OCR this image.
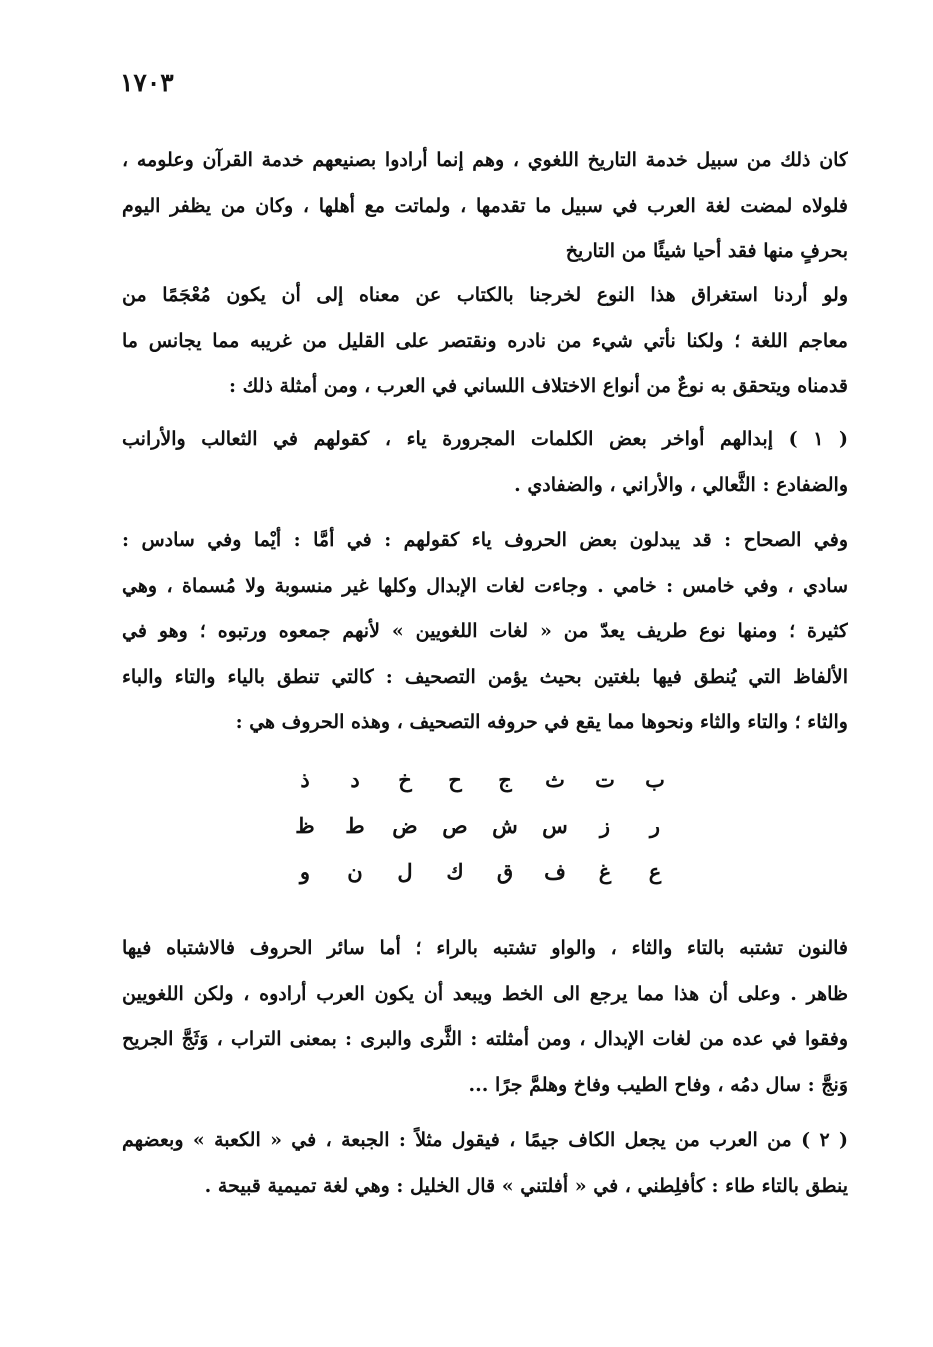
١٧٠٣
كان ذلك من سبيل خدمة التاريخ اللغوي ، وهم إنما أرادوا بصنيعهم خدمة القرآن وعلومه ،
فلولاه لمضت لغة العرب في سبيل ما تقدمها ، ولماتت مع أهلها ، وكان من يظفر اليوم
بحرفٍ منها فقد أحيا شيئًا من التاريخ
ولو أردنا استغراق هذا النوع لخرجنا بالكتاب عن معناه إلى أن يكون مُعْجَمًا من
معاجم اللغة ؛ ولكنا نأتي شيء من نادره ونقتصر على القليل من غريبه مما يجانس ما
قدمناه ويتحقق به نوعٌ من أنواع الاختلاف اللساني في العرب ، ومن أمثلة ذلك :
( ١ ) إبدالهم أواخر بعض الكلمات المجرورة ياء ، كقولهم في الثعالب والأرانب
والضفادع : الثَّعالي ، والأراني ، والضفادي .
وفي الصحاح : قد يبدلون بعض الحروف ياء كقولهم : في أمَّا : أيْما وفي سادس :
سادي ، وفي خامس : خامي . وجاءت لغات الإبدال وكلها غير منسوبة ولا مُسماة ، وهي
كثيرة ؛ ومنها نوع طريف يعدّ من « لغات اللغويين » لأنهم جمعوه ورتبوه ؛ وهو في
الألفاظ التي يُنطق فيها بلغتين بحيث يؤمن التصحيف : كالتي تنطق بالياء والتاء والباء
والثاء ؛ والتاء والثاء ونحوها مما يقع في حروفه التصحيف ، وهذه الحروف هي :
ب
ت
ث
ج
ح
خ
د
ذ
ر
ز
س
ش
ص
ض
ط
ظ
ع
غ
ف
ق
ك
ل
ن
و
فالنون تشتبه بالتاء والثاء ، والواو تشتبه بالراء ؛ أما سائر الحروف فالاشتباه فيها
ظاهر . وعلى أن هذا مما يرجع الى الخط ويبعد أن يكون العرب أرادوه ، ولكن اللغويين
وفقوا في عده من لغات الإبدال ، ومن أمثلته : الثَّرى والبرى : بمعنى التراب ، وَثَجَّ الجريح
وَنجَّ : سال دمُه ، وفاح الطيب وفاخ وهلمَّ جرًا ...
( ٢ ) من العرب من يجعل الكاف جيمًا ، فيقول مثلاً : الجبعة ، في « الكعبة » وبعضهم
ينطق بالتاء طاء : كأفلِطني ، في « أفلتني » قال الخليل : وهي لغة تميمية قبيحة .
